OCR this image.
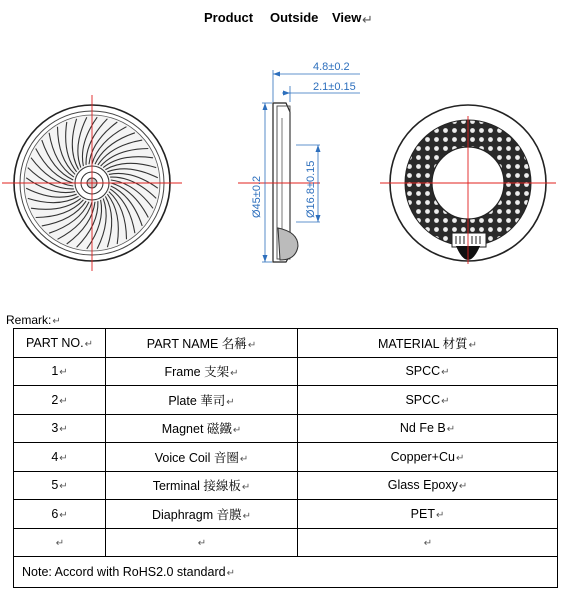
Product Outside View ↵
4.8±0.2
2.1±0.15
Ø45±0.2	Ø16.8±0.15
Remark:↵
PART NO.↵	PART NAME 名稱↵	MATERIAL 材質↵
1↵	Frame 支架↵	SPCC↵
2↵	Plate 華司↵	SPCC↵
3↵	Magnet 磁鐵↵	Nd Fe B↵
4↵	Voice Coil 音圈↵	Copper+Cu↵
5↵	Terminal 接線板↵	Glass Epoxy↵
6↵	Diaphragm 音膜↵	PET↵
↵	↵	↵
Note: Accord with RoHS2.0 standard↵		
